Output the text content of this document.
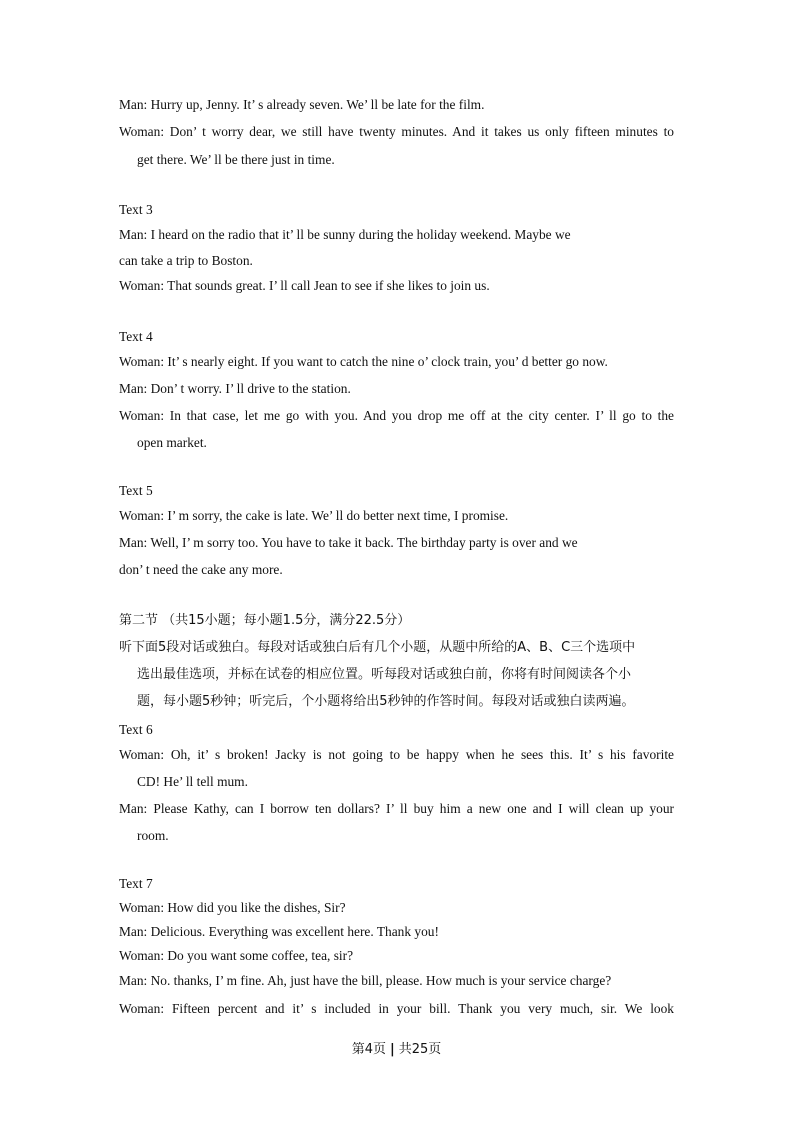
Man: Hurry up, Jenny. It’ s already seven. We’ ll be late for the film.
Woman: Don’ t worry dear, we still have twenty minutes. And it takes us only fifteen minutes to
get there. We’ ll be there just in time.
Text 3
Man: I heard on the radio that it’ ll be sunny during the holiday weekend. Maybe we
can take a trip to Boston.
Woman: That sounds great. I’ ll call Jean to see if she likes to join us.
Text 4
Woman: It’ s nearly eight. If you want to catch the nine o’ clock train, you’ d better go now.
Man: Don’ t worry. I’ ll drive to the station.
Woman: In that case, let me go with you. And you drop me off at the city center. I’ ll go to the
open market.
Text 5
Woman: I’ m sorry, the cake is late. We’ ll do better next time, I promise.
Man: Well, I’ m sorry too. You have to take it back. The birthday party is over and we
don’ t need the cake any more.
第二节 （共15小题；每小题1.5分，满分22.5分）
听下面5段对话或独白。每段对话或独白后有几个小题，从题中所给的A、B、C三个选项中
选出最佳选项，并标在试卷的相应位置。听每段对话或独白前，你将有时间阅读各个小
题，每小题5秒钟；听完后，个小题将给出5秒钟的作答时间。每段对话或独白读两遍。
Text 6
Woman: Oh, it’ s broken! Jacky is not going to be happy when he sees this. It’ s his favorite
CD! He’ ll tell mum.
Man: Please Kathy, can I borrow ten dollars? I’ ll buy him a new one and I will clean up your
room.
Text 7
Woman: How did you like the dishes, Sir?
Man: Delicious. Everything was excellent here. Thank you!
Woman: Do you want some coffee, tea, sir?
Man: No. thanks, I’ m fine. Ah, just have the bill, please. How much is your service charge?
Woman: Fifteen percent and it’ s included in your bill. Thank you very much, sir. We look
第4页 | 共25页
